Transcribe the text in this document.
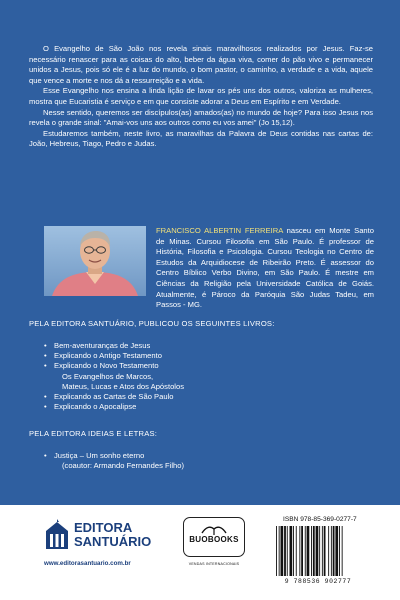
O Evangelho de São João nos revela sinais maravilhosos realizados por Jesus. Faz-se necessário renascer para as coisas do alto, beber da água viva, comer do pão vivo e permanecer unidos a Jesus, pois só ele é a luz do mundo, o bom pastor, o caminho, a verdade e a vida, aquele que vence a morte e nos dá a ressurreição e a vida.

Esse Evangelho nos ensina a linda lição de lavar os pés uns dos outros, valoriza as mulheres, mostra que Eucaristia é serviço e em que consiste adorar a Deus em Espírito e em Verdade.

Nesse sentido, queremos ser discípulos(as) amados(as) no mundo de hoje? Para isso Jesus nos revela o grande sinal: "Amai-vos uns aos outros como eu vos amei" (Jo 15,12).

Estudaremos também, neste livro, as maravilhas da Palavra de Deus contidas nas cartas de: João, Hebreus, Tiago, Pedro e Judas.

FRANCISCO ALBERTIN FERREIRA nasceu em Monte Santo de Minas. Cursou Filosofia em São Paulo. É professor de História, Filosofia e Psicologia. Cursou Teologia no Centro de Estudos da Arquidiocese de Ribeirão Preto. É assessor do Centro Bíblico Verbo Divino, em São Paulo. É mestre em Ciências da Religião pela Universidade Católica de Goiás. Atualmente, é Pároco da Paróquia São Judas Tadeu, em Passos - MG.
PELA EDITORA SANTUÁRIO, PUBLICOU OS SEGUINTES LIVROS:
• Bem-aventuranças de Jesus
• Explicando o Antigo Testamento
• Explicando o Novo Testamento
Os Evangelhos de Marcos,
Mateus, Lucas e Atos dos Apóstolos
• Explicando as Cartas de São Paulo
• Explicando o Apocalipse
PELA EDITORA IDEIAS E LETRAS:
• Justiça – Um sonho eterno
(coautor: Armando Fernandes Filho)
EDITORA
SANTUÁRIO
www.editorasantuario.com.br
BUOBOOKS
VENDAS INTERNACIONAIS
ISBN 978-85-369-0277-7
9 788536 902777
